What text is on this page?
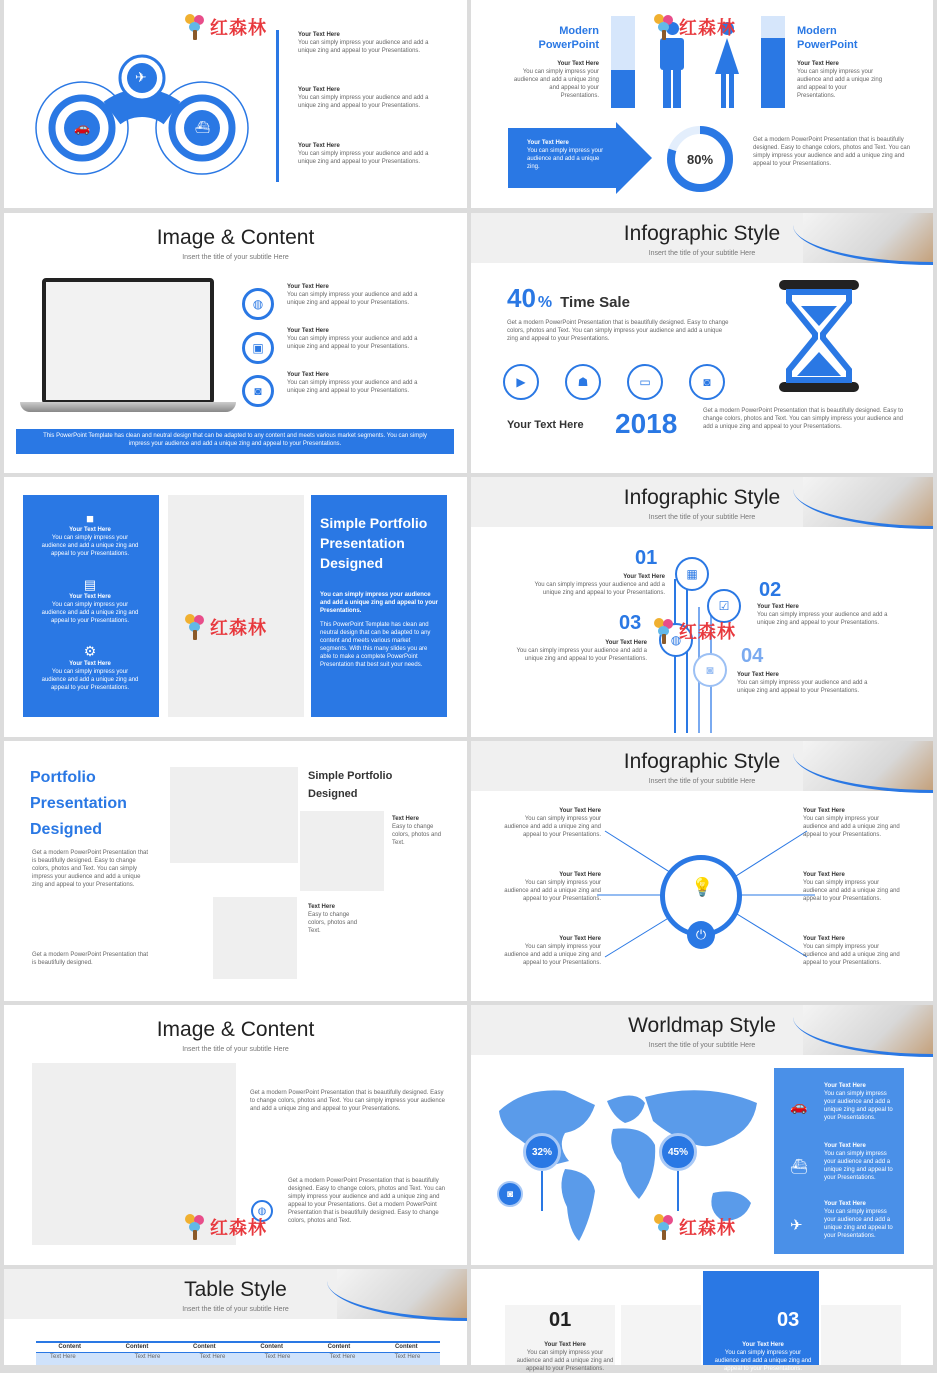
✈
🚗	⛴
Your Text Here
You can simply impress your audience and add a unique zing and appeal to your Presentations.
Your Text Here
You can simply impress your audience and add a unique zing and appeal to your Presentations.
Your Text Here
You can simply impress your audience and add a unique zing and appeal to your Presentations.
Modern PowerPoint
Your Text Here
You can simply impress your audience and add a unique zing and appeal to your Presentations.
Modern PowerPoint
Your Text Here
You can simply impress your audience and add a unique zing and appeal to your Presentations.
Your Text Here
You can simply impress your audience and add a unique zing.	80%
Get a modern PowerPoint Presentation that is beautifully designed. Easy to change colors, photos and Text. You can simply impress your audience and add a unique zing and appeal to your Presentations.
Image & Content
Insert the title of your subtitle Here
◍
▣
◙
Your Text Here
You can simply impress your audience and add a unique zing and appeal to your Presentations.
Your Text Here
You can simply impress your audience and add a unique zing and appeal to your Presentations.
Your Text Here
You can simply impress your audience and add a unique zing and appeal to your Presentations.
This PowerPoint Template has clean and neutral design that can be adapted to any content and meets various market segments. You can simply impress your audience and add a unique zing and appeal to your Presentations.
Infographic Style
Insert the title of your subtitle Here
40 % Time Sale
Get a modern PowerPoint Presentation that is beautifully designed. Easy to change colors, photos and Text. You can simply impress your audience and add a unique zing and appeal to your Presentations.
▶	☗	▭	◙
Your Text Here 2018	Get a modern PowerPoint Presentation that is beautifully designed. Easy to change colors, photos and Text. You can simply impress your audience and add a unique zing and appeal to your Presentations.
■
Your Text Here
You can simply impress your audience and add a unique zing and appeal to your Presentations.
▤
Your Text Here
You can simply impress your audience and add a unique zing and appeal to your Presentations.
⚙
Your Text Here
You can simply impress your audience and add a unique zing and appeal to your Presentations.
Simple Portfolio Presentation Designed
You can simply impress your audience and add a unique zing and appeal to your Presentations.
This PowerPoint Template has clean and neutral design that can be adapted to any content and meets various market segments. With this many slides you are able to make a complete PowerPoint Presentation that best suit your needs.
Infographic Style
Insert the title of your subtitle Here
▦
☑
◍
◙
01
Your Text Here
You can simply impress your audience and add a unique zing and appeal to your Presentations.	02
Your Text Here
You can simply impress your audience and add a unique zing and appeal to your Presentations.
03
Your Text Here
You can simply impress your audience and add a unique zing and appeal to your Presentations.	04
Your Text Here
You can simply impress your audience and add a unique zing and appeal to your Presentations.
Portfolio Presentation Designed
Get a modern PowerPoint Presentation that is beautifully designed. Easy to change colors, photos and Text. You can simply impress your audience and add a unique zing and appeal to your Presentations.
Get a modern PowerPoint Presentation that is beautifully designed.
Simple Portfolio Designed
Text Here
Easy to change colors, photos and Text.
Text Here
Easy to change colors, photos and Text.
Infographic Style
Insert the title of your subtitle Here
💡
⏻
Your Text Here
You can simply impress your audience and add a unique zing and appeal to your Presentations.
Your Text Here
You can simply impress your audience and add a unique zing and appeal to your Presentations.
Your Text Here
You can simply impress your audience and add a unique zing and appeal to your Presentations.
Your Text Here
You can simply impress your audience and add a unique zing and appeal to your Presentations.
Your Text Here
You can simply impress your audience and add a unique zing and appeal to your Presentations.
Your Text Here
You can simply impress your audience and add a unique zing and appeal to your Presentations.
Image & Content
Insert the title of your subtitle Here
Get a modern PowerPoint Presentation that is beautifully designed. Easy to change colors, photos and Text. You can simply impress your audience and add a unique zing and appeal to your Presentations.
Get a modern PowerPoint Presentation that is beautifully designed. Easy to change colors, photos and Text. You can simply impress your audience and add a unique zing and appeal to your Presentations. Get a modern PowerPoint Presentation that is beautifully designed. Easy to change colors, photos and Text.
◍
Worldmap Style
Insert the title of your subtitle Here
32%	45%
◙
🚗
Your Text Here
You can simply impress your audience and add a unique zing and appeal to your Presentations.
⛴
Your Text Here
You can simply impress your audience and add a unique zing and appeal to your Presentations.
✈
Your Text Here
You can simply impress your audience and add a unique zing and appeal to your Presentations.
Table Style
Insert the title of your subtitle Here
Content	Content	Content	Content	Content	Content
Text Here	Text Here	Text Here	Text Here	Text Here	Text Here
01
Your Text Here
You can simply impress your audience and add a unique zing and appeal to your Presentations.
03
Your Text Here
You can simply impress your audience and add a unique zing and appeal to your Presentations.
红森林	红森林
红森林	红森林
红森林	红森林
